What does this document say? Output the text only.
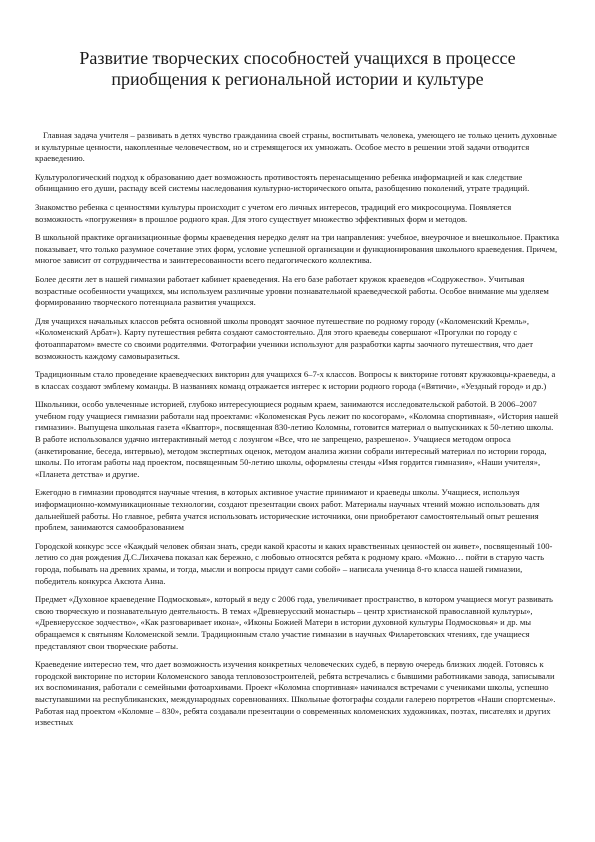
Развитие творческих способностей учащихся в процессе приобщения к региональной истории и культуре

Главная задача учителя – развивать в детях чувство гражданина своей страны, воспитывать человека, умеющего не только ценить духовные и культурные ценности, накопленные человечеством, но и стремящегося их умножать. Особое место в решении этой задачи отводится краеведению.

Культурологический подход к образованию дает возможность противостоять перенасыщению ребенка информацией и как следствие обнищанию его души, распаду всей системы наследования культурно-исторического опыта, разобщению поколений, утрате традиций.

Знакомство ребенка с ценностями культуры происходит с учетом его личных интересов, традиций его микросоциума. Появляется возможность «погружения» в прошлое родного края. Для этого существует множество эффективных форм и методов.

В школьной практике организационные формы краеведения нередко делят на три направления: учебное, внеурочное и внешкольное. Практика показывает, что только разумное сочетание этих форм, условие успешной организации и функционирования школьного краеведения. Причем, многое зависит от сотрудничества и заинтересованности всего педагогического коллектива.

Более десяти лет в нашей гимназии работает кабинет краеведения. На его базе работает кружок краеведов «Содружество». Учитывая возрастные особенности учащихся, мы используем различные уровни познавательной краеведческой работы. Особое внимание мы уделяем формированию творческого потенциала развития учащихся.

Для учащихся начальных классов ребята основной школы проводят заочное путешествие по родному городу («Коломенский Кремль», «Коломенский Арбат»). Карту путешествия ребята создают самостоятельно. Для этого краеведы совершают «Прогулки по городу с фотоаппаратом» вместе со своими родителями. Фотографии ученики используют для разработки карты заочного путешествия, что дает возможность каждому самовыразиться.

Традиционным стало проведение краеведческих викторин для учащихся 6–7-х классов. Вопросы к викторине готовят кружковцы-краеведы, а в классах создают эмблему команды. В названиях команд отражается интерес к истории родного города («Вятичи», «Уездный город» и др.)

Школьники, особо увлеченные историей, глубоко интересующиеся родным краем, занимаются исследовательской работой. В 2006–2007 учебном году учащиеся гимназии работали над проектами: «Коломенская Русь лежит по косогорам», «Коломна спортивная», «История нашей гимназии». Выпущена школьная газета «Кваптор», посвященная 830-летию Коломны, готовится материал о выпускниках к 50-летию школы. В работе использовался удачно интерактивный метод с лозунгом «Все, что не запрещено, разрешено». Учащиеся методом опроса (анкетирование, беседа, интервью), методом экспертных оценок, методом анализа жизни собрали интересный материал по истории города, школы. По итогам работы над проектом, посвященным 50-летию школы, оформлены стенды «Имя гордится гимназия», «Наши учителя», «Планета детства» и другие.

Ежегодно в гимназии проводятся научные чтения, в которых активное участие принимают и краеведы школы. Учащиеся, используя информационно-коммуникационные технологии, создают презентации своих работ. Материалы научных чтений можно использовать для дальнейшей работы. Но главное, ребята учатся использовать исторические источники, они приобретают самостоятельный опыт решения проблем, занимаются самообразованием

Городской конкурс эссе «Каждый человек обязан знать, среди какой красоты и каких нравственных ценностей он живет», посвященный 100-летию со дня рождения Д.С.Лихачева показал как бережно, с любовью относятся ребята к родному краю. «Можно… пойти в старую часть города, побывать на древних храмы, и тогда, мысли и вопросы придут сами собой» – написала ученица 8-го класса нашей гимназии, победитель конкурса Аксюта Анна.

Предмет «Духовное краеведение Подмосковья», который я веду с 2006 года, увеличивает пространство, в котором учащиеся могут развивать свою творческую и познавательную деятельность. В темах «Древнерусский монастырь – центр христианской православной культуры», «Древнерусское зодчество», «Как разговаривает икона», «Иконы Божией Матери в истории духовной культуры Подмосковья» и др. мы обращаемся к святыням Коломенской земли. Традиционным стало участие гимназии в научных Филаретовских чтениях, где учащиеся представляют свои творческие работы.

Краеведение интересно тем, что дает возможность изучения конкретных человеческих судеб, в первую очередь близких людей. Готовясь к городской викторине по истории Коломенского завода тепловозостроителей, ребята встречались с бывшими работниками завода, записывали их воспоминания, работали с семейными фотоархивами. Проект «Коломна спортивная» начинался встречами с учениками школы, успешно выступавшими на республиканских, международных соревнованиях. Школьные фотографы создали галерею портретов «Наши спортсмены». Работая над проектом «Коломне – 830», ребята создавали презентации о современных коломенских художниках, поэтах, писателях и других известных
